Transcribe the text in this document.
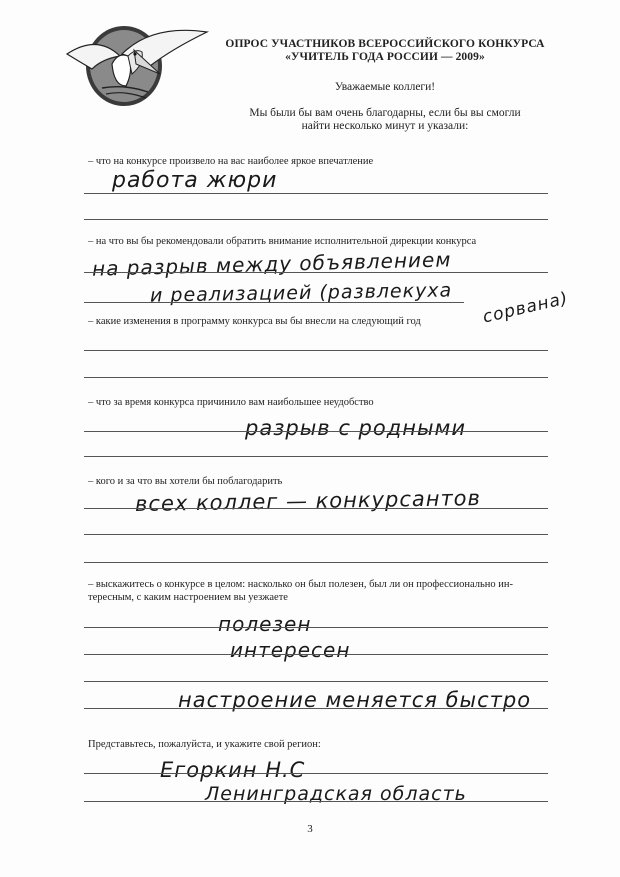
ОПРОС УЧАСТНИКОВ ВСЕРОССИЙСКОГО КОНКУРСА
«УЧИТЕЛЬ ГОДА РОССИИ — 2009»
Уважаемые коллеги!
Мы были бы вам очень благодарны, если бы вы смогли
найти несколько минут и указали:
– что на конкурсе произвело на вас наиболее яркое впечатление
работа жюри
– на что вы бы рекомендовали обратить внимание исполнительной дирекции конкурса
на разрыв между объявлением
и реализацией (развлекуха сорвана)
– какие изменения в программу конкурса вы бы внесли на следующий год
– что за время конкурса причинило вам наибольшее неудобство
разрыв с родными
– кого и за что вы хотели бы поблагодарить
всех коллег — конкурсантов
– выскажитесь о конкурсе в целом: насколько он был полезен, был ли он профессионально ин-
тересным, с каким настроением вы уезжаете
полезен
интересен
настроение меняется быстро
Представьтесь, пожалуйста, и укажите свой регион:
Егоркин Н.С
Ленинградская область
3
